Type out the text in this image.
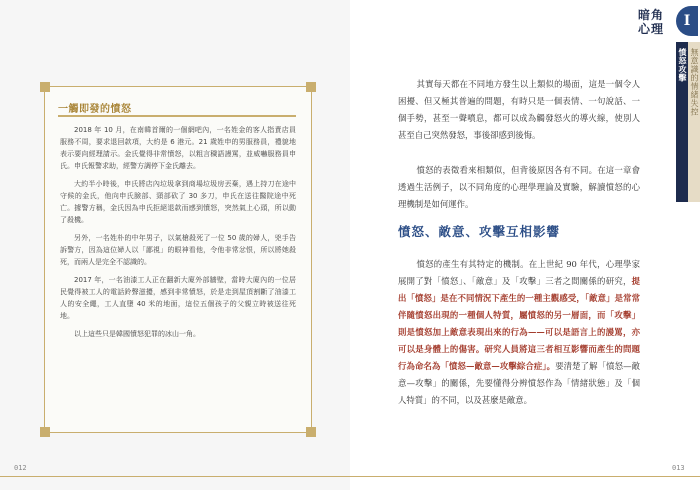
一觸即發的憤怒

2018 年 10 月，在南韓首爾的一個網吧內，一名姓金的客人指責店員服務不周，要求退回款項，大約是 6 港元。21 歲姓申的男服務員，禮貌地表示要向經理請示。金氏覺得非常憤怒，以粗言穢語謾罵，並威嚇服務員申氏。申氏報警求助，經警方調停下金氏離去。

大約半小時後，申氏將店內垃圾拿到商場垃圾房丟棄，遇上持刀在途中守候的金氏，他向申氏臉部、頸部砍了 30 多刀，申氏在送往醫院途中死亡。據警方稱，金氏因為申氏拒絕退款而感到憤怒，突然氣上心頭，所以動了殺機。

另外，一名姓朴的中年男子，以氣槍殺死了一位 50 歲的婦人，兇手告訴警方，因為這位婦人以「鄙視」的眼神看他，令他非常忿恨，所以將她殺死，而兩人是完全不認識的。

2017 年，一名油漆工人正在翻新大廈外部牆壁，當時大廈內的一位居民覺得被工人的電話鈴聲滋擾，感到非常憤怒，於是走到屋頂割斷了油漆工人的安全繩，工人直墮 40 米的地面，這位五個孩子的父親立時被送往死地。

以上這些只是韓國憤怒犯罪的冰山一角。

012
暗角
心理	I
憤怒攻擊 無意識的情緒失控

其實每天都在不同地方發生以上類似的場面，這是一個令人困擾、但又極其普遍的問題，有時只是一個表情、一句說話、一個手勢，甚至一聲噴息，都可以成為觸發怒火的導火線，使別人甚至自己突然發怒，事後卻感到後悔。

憤怒的表徵看來相類似，但背後原因各有不同。在這一章會透過生活例子，以不同角度的心理學理論及實驗，解讀憤怒的心理機制是如何運作。

憤怒、敵意、攻擊互相影響

憤怒的產生有其特定的機制。在上世紀 90 年代，心理學家展開了對「憤怒」、「敵意」及「攻擊」三者之間關係的研究，提出「憤怒」是在不同情況下產生的一種主觀感受，「敵意」是常常伴隨憤怒出現的一種個人特質，屬憤怒的另一層面，而「攻擊」則是憤怒加上敵意表現出來的行為——可以是語言上的謾罵，亦可以是身體上的傷害。研究人員將這三者相互影響而產生的問題行為命名為「憤怒—敵意—攻擊綜合症」。要清楚了解「憤怒—敵意—攻擊」的關係，先要懂得分辨憤怒作為「情緒狀態」及「個人特質」的不同，以及甚麼是敵意。

013
